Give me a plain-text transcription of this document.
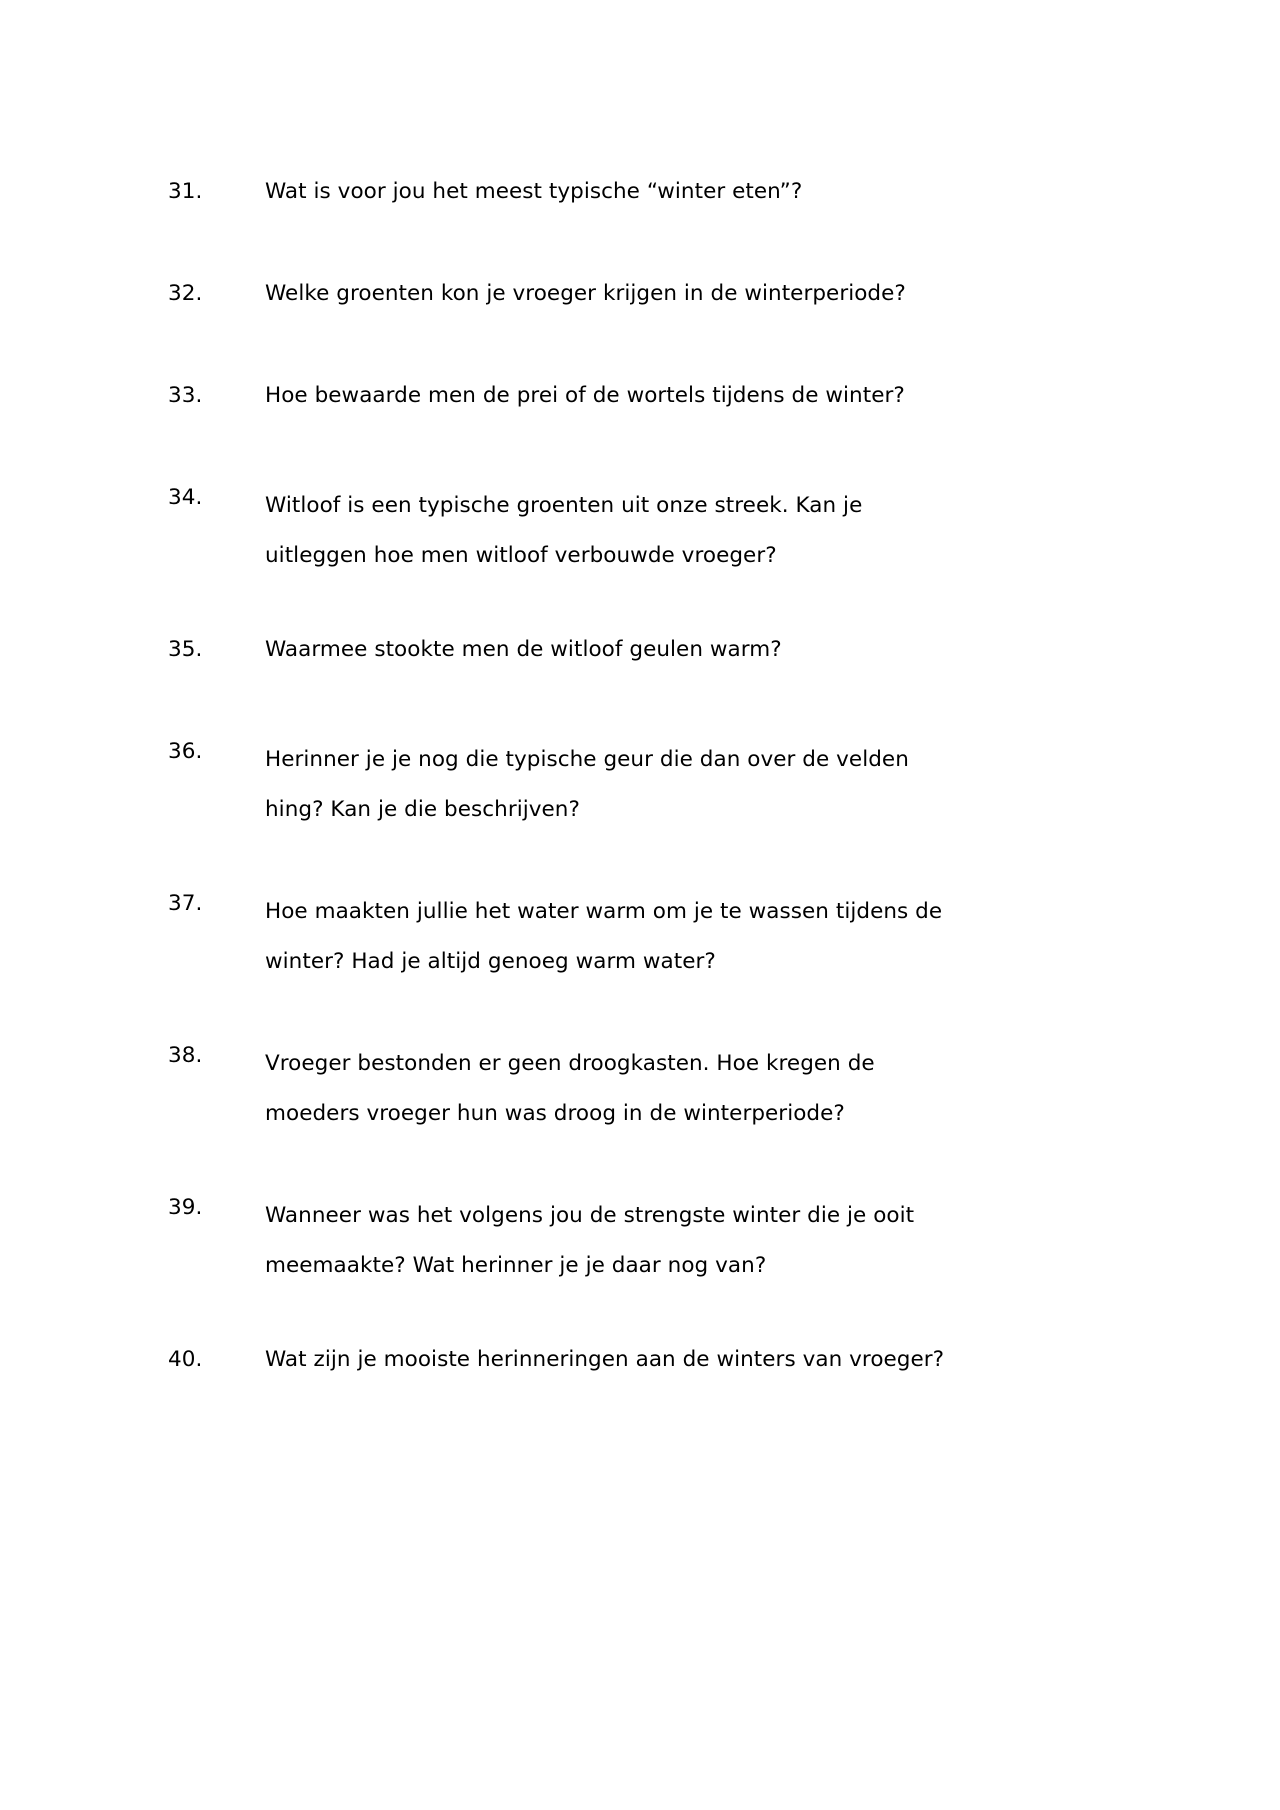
31.	Wat is voor jou het meest typische “winter eten”?
32.	Welke groenten kon je vroeger krijgen in de winterperiode?
33.	Hoe bewaarde men de prei of de wortels tijdens de winter?
34.	Witloof is een typische groenten uit onze streek. Kan je
uitleggen hoe men witloof verbouwde vroeger?
35.	Waarmee stookte men de witloof geulen warm?
36.	Herinner je je nog die typische geur die dan over de velden
hing? Kan je die beschrijven?
37.	Hoe maakten jullie het water warm om je te wassen tijdens de
winter? Had je altijd genoeg warm water?
38.	Vroeger bestonden er geen droogkasten. Hoe kregen de
moeders vroeger hun was droog in de winterperiode?
39.	Wanneer was het volgens jou de strengste winter die je ooit
meemaakte? Wat herinner je je daar nog van?
40.	Wat zijn je mooiste herinneringen aan de winters van vroeger?
